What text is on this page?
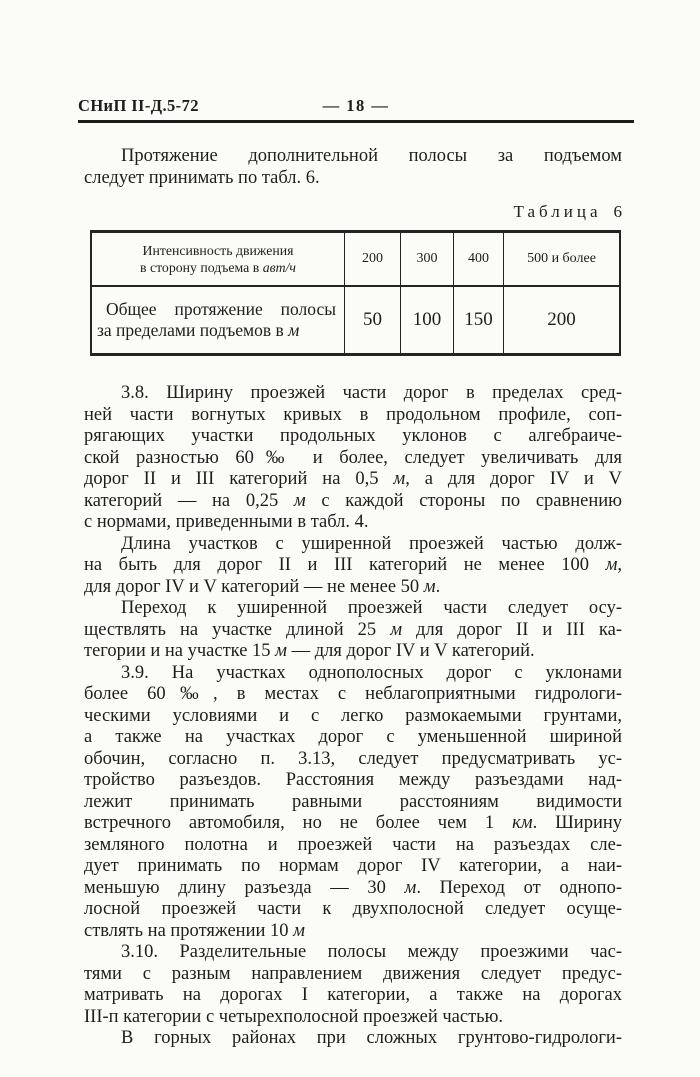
СНиП II-Д.5-72	— 18 —
Протяжение дополнительной полосы за подъемом
следует принимать по табл. 6.
Таблица 6
Интенсивность движения
в сторону подъема в авт/ч
200	300	400	500 и более
Общее протяжение полосы
за пределами подъемов в м	50	100	150	200
3.8. Ширину проезжей части дорог в пределах сред-
ней части вогнутых кривых в продольном профиле, соп-
рягающих участки продольных уклонов с алгебраиче-
ской разностью 60‰ и более, следует увеличивать для
дорог II и III категорий на 0,5 м, а для дорог IV и V
категорий — на 0,25 м с каждой стороны по сравнению
с нормами, приведенными в табл. 4.
Длина участков с уширенной проезжей частью долж-
на быть для дорог II и III категорий не менее 100 м,
для дорог IV и V категорий — не менее 50 м.
Переход к уширенной проезжей части следует осу-
ществлять на участке длиной 25 м для дорог II и III ка-
тегории и на участке 15 м — для дорог IV и V категорий.
3.9. На участках однополосных дорог с уклонами
более 60‰, в местах с неблагоприятными гидрологи-
ческими условиями и с легко размокаемыми грунтами,
а также на участках дорог с уменьшенной шириной
обочин, согласно п. 3.13, следует предусматривать ус-
тройство разъездов. Расстояния между разъездами над-
лежит принимать равными расстояниям видимости
встречного автомобиля, но не более чем 1 км. Ширину
земляного полотна и проезжей части на разъездах сле-
дует принимать по нормам дорог IV категории, а наи-
меньшую длину разъезда — 30 м. Переход от однопо-
лосной проезжей части к двухполосной следует осуще-
ствлять на протяжении 10 м
3.10. Разделительные полосы между проезжими час-
тями с разным направлением движения следует предус-
матривать на дорогах I категории, а также на дорогах
III-п категории с четырехполосной проезжей частью.
В горных районах при сложных грунтово-гидрологи-
